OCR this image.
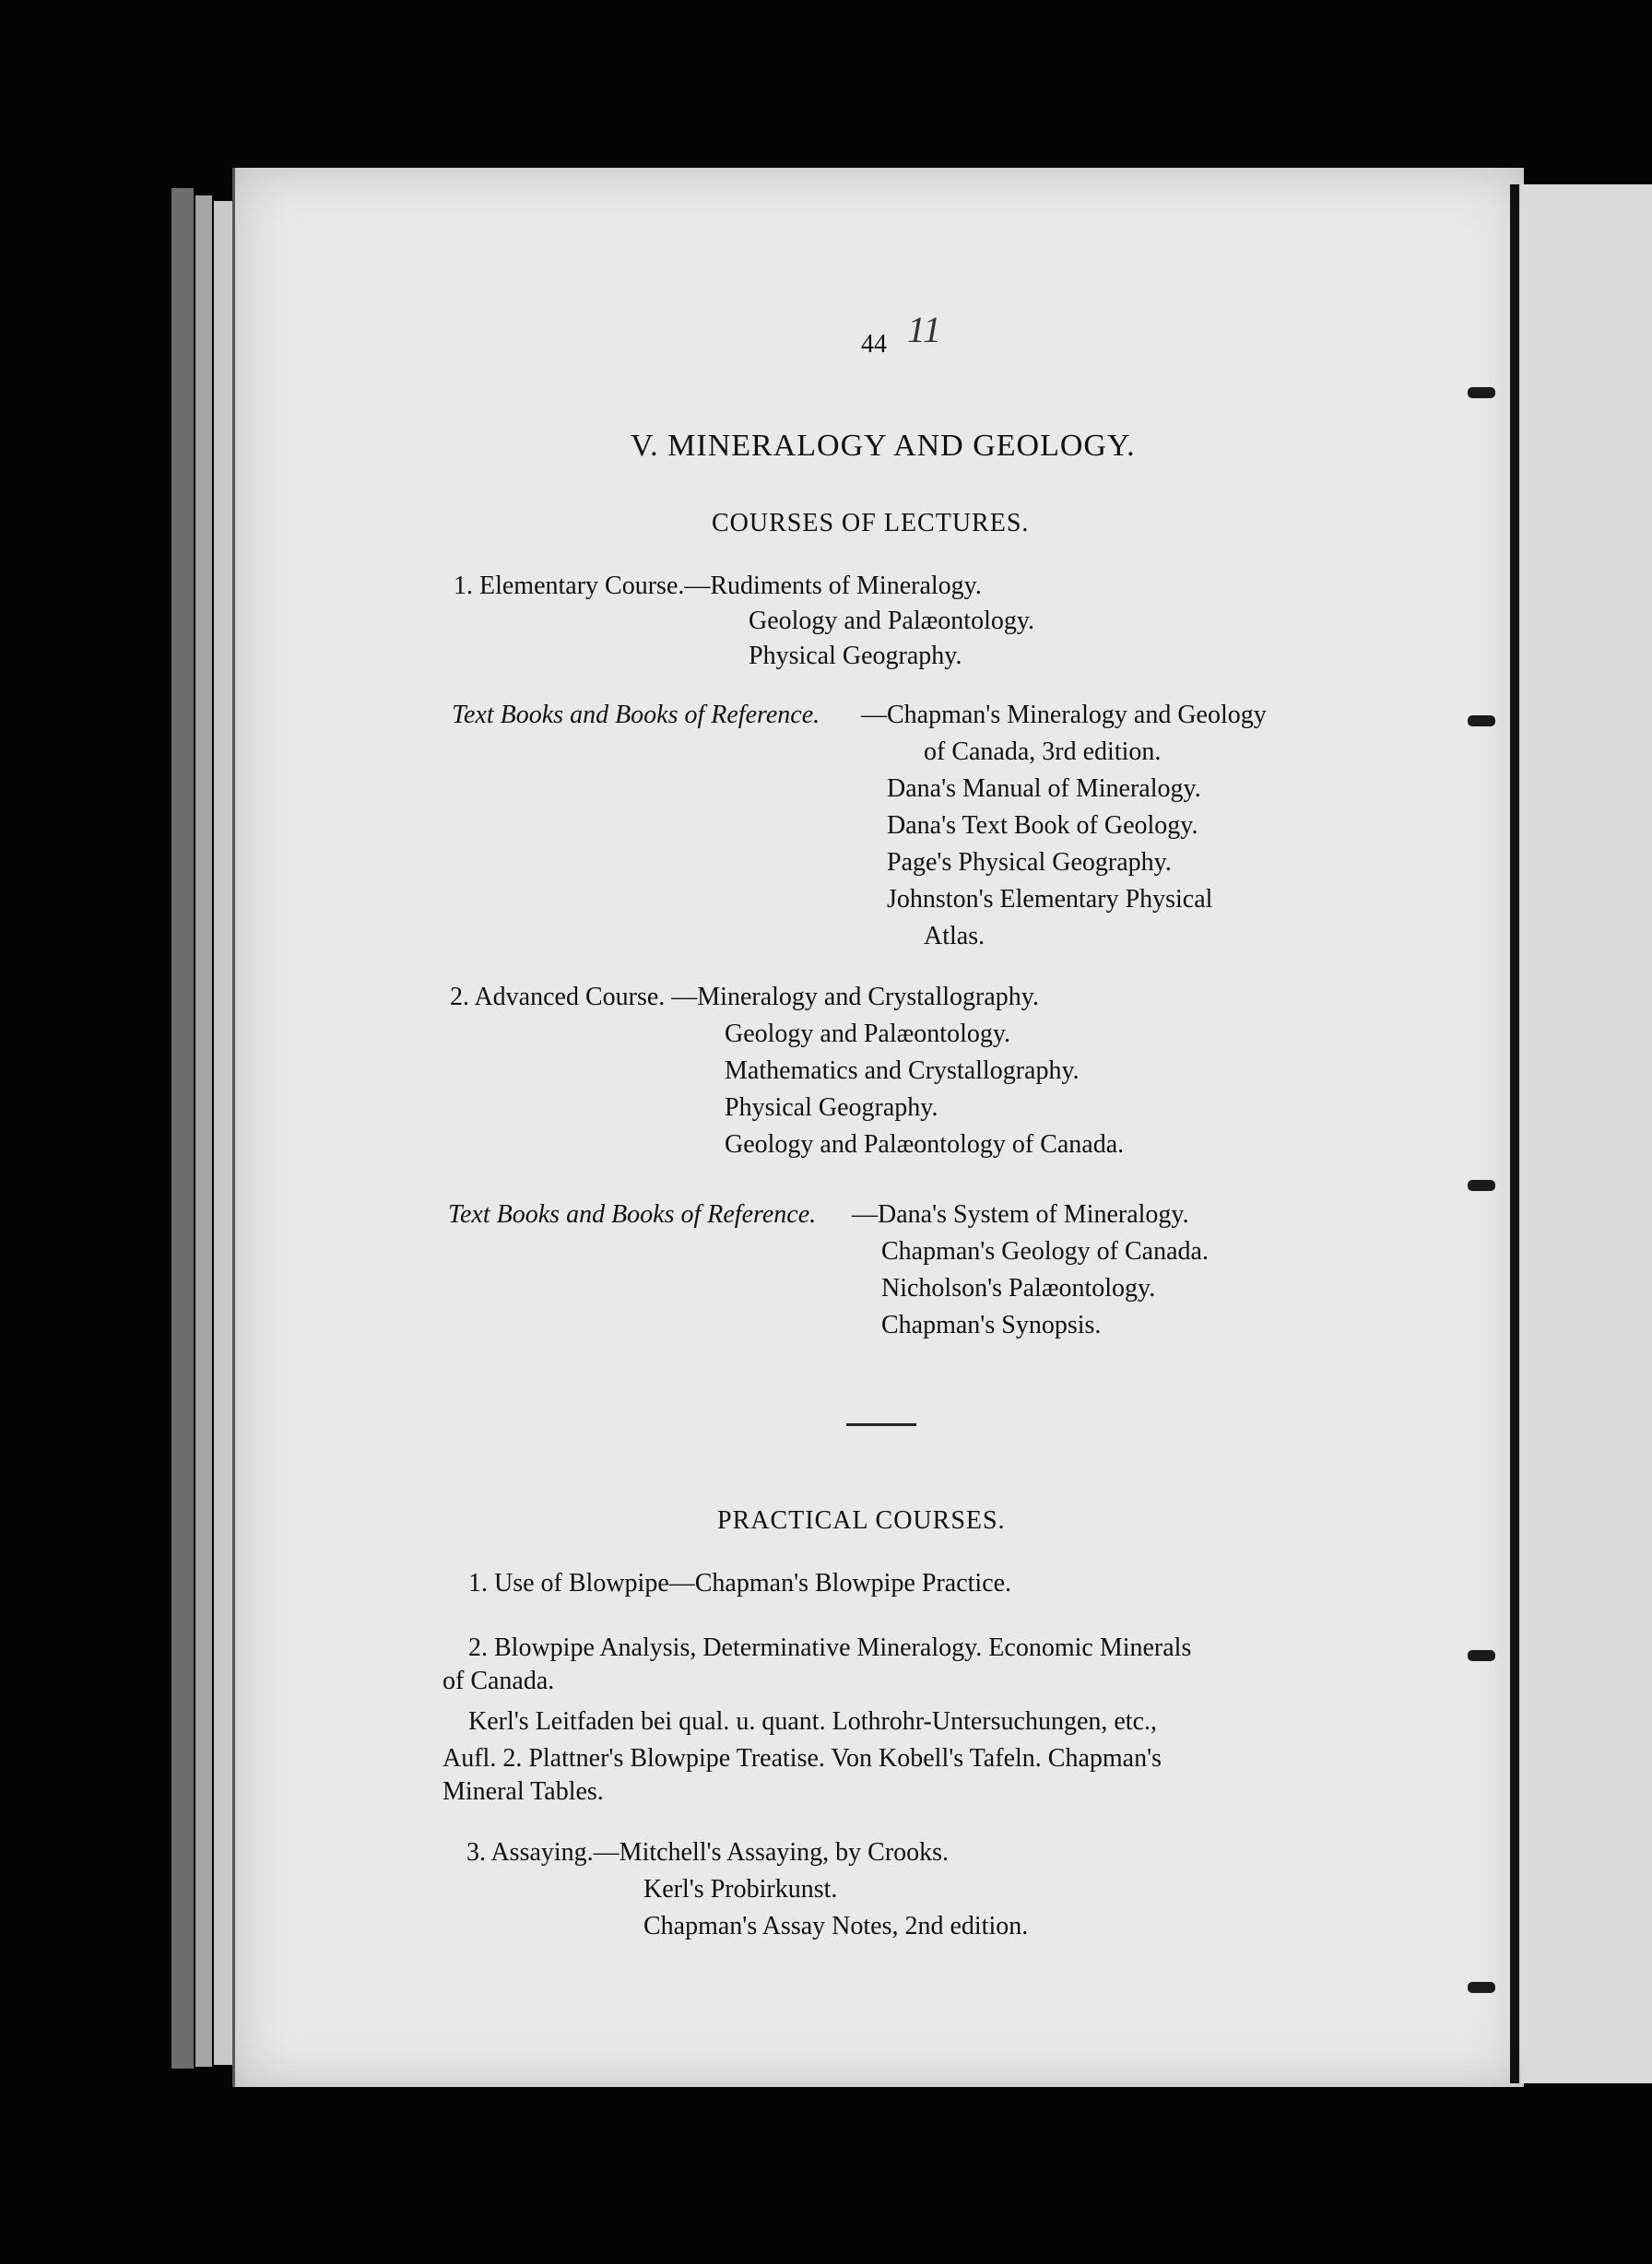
44 11
V. MINERALOGY AND GEOLOGY.
COURSES OF LECTURES.
1. Elementary Course.—Rudiments of Mineralogy.
Geology and Palæontology.
Physical Geography.
Text Books and Books of Reference. —Chapman's Mineralogy and Geology
of Canada, 3rd edition.
Dana's Manual of Mineralogy.
Dana's Text Book of Geology.
Page's Physical Geography.
Johnston's Elementary Physical
Atlas.
2. Advanced Course. —Mineralogy and Crystallography.
Geology and Palæontology.
Mathematics and Crystallography.
Physical Geography.
Geology and Palæontology of Canada.
Text Books and Books of Reference. —Dana's System of Mineralogy.
Chapman's Geology of Canada.
Nicholson's Palæontology.
Chapman's Synopsis.
PRACTICAL COURSES.
1. Use of Blowpipe—Chapman's Blowpipe Practice.
2. Blowpipe Analysis, Determinative Mineralogy. Economic Minerals
of Canada.
Kerl's Leitfaden bei qual. u. quant. Lothrohr-Untersuchungen, etc.,
Aufl. 2. Plattner's Blowpipe Treatise. Von Kobell's Tafeln. Chapman's
Mineral Tables.
3. Assaying.—Mitchell's Assaying, by Crooks.
Kerl's Probirkunst.
Chapman's Assay Notes, 2nd edition.
